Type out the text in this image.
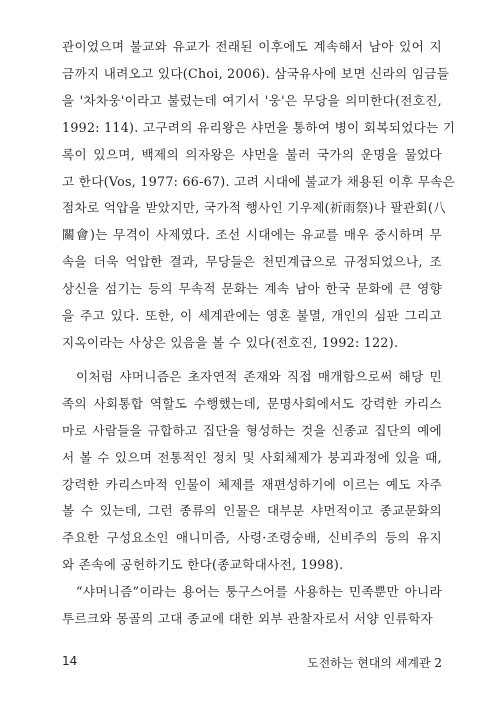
관이었으며 불교와 유교가 전래된 이후에도 계속해서 남아 있어 지
금까지 내려오고 있다(Choi, 2006). 삼국유사에 보면 신라의 임금들
을 '차차웅'이라고 불렀는데 여기서 '웅'은 무당을 의미한다(전호진,
1992: 114). 고구려의 유리왕은 샤먼을 통하여 병이 회복되었다는 기
록이 있으며, 백제의 의자왕은 샤먼을 불러 국가의 운명을 물었다
고 한다(Vos, 1977: 66-67). 고려 시대에 불교가 채용된 이후 무속은
점차로 억압을 받았지만, 국가적 행사인 기우제(祈雨祭)나 팔관회(八
關會)는 무격이 사제였다. 조선 시대에는 유교를 매우 중시하며 무
속을 더욱 억압한 결과, 무당들은 천민계급으로 규정되었으나, 조
상신을 섬기는 등의 무속적 문화는 계속 남아 한국 문화에 큰 영향
을 주고 있다. 또한, 이 세계관에는 영혼 불멸, 개인의 심판 그리고
지옥이라는 사상은 있음을 볼 수 있다(전호진, 1992: 122).
이처럼 샤머니즘은 초자연적 존재와 직접 매개함으로써 해당 민
족의 사회통합 역할도 수행했는데, 문명사회에서도 강력한 카리스
마로 사람들을 규합하고 집단을 형성하는 것을 신종교 집단의 예에
서 볼 수 있으며 전통적인 정치 및 사회체제가 붕괴과정에 있을 때,
강력한 카리스마적 인물이 체제를 재편성하기에 이르는 예도 자주
볼 수 있는데, 그런 종류의 인물은 대부분 샤먼적이고 종교문화의
주요한 구성요소인 애니미즘, 사령·조령숭배, 신비주의 등의 유지
와 존속에 공헌하기도 한다(종교학대사전, 1998).
“샤머니즘”이라는 용어는 퉁구스어를 사용하는 민족뿐만 아니라
투르크와 몽골의 고대 종교에 대한 외부 관찰자로서 서양 인류학자
14	도전하는 현대의 세계관 2
